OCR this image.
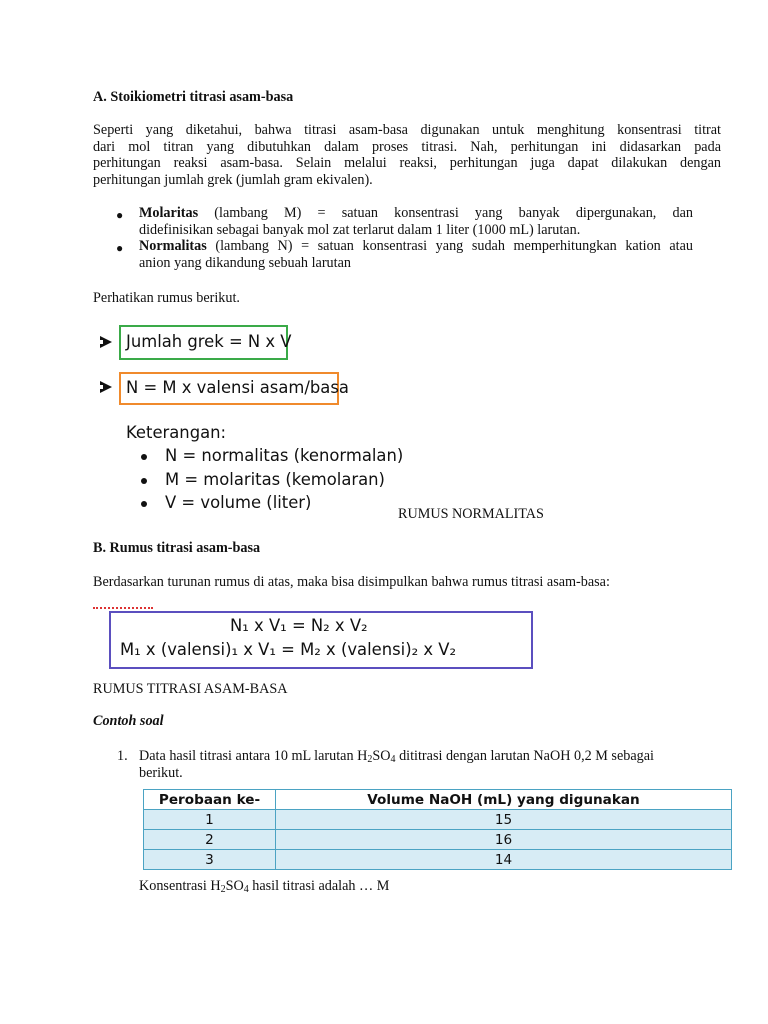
A. Stoikiometri titrasi asam-basa
Seperti yang diketahui, bahwa titrasi asam-basa digunakan untuk menghitung konsentrasi titrat
dari mol titran yang dibutuhkan dalam proses titrasi. Nah, perhitungan ini didasarkan pada
perhitungan reaksi asam-basa. Selain melalui reaksi, perhitungan juga dapat dilakukan dengan
perhitungan jumlah grek (jumlah gram ekivalen).
● Molaritas (lambang M) = satuan konsentrasi yang banyak dipergunakan, dan
didefinisikan sebagai banyak mol zat terlarut dalam 1 liter (1000 mL) larutan.
● Normalitas (lambang N) = satuan konsentrasi yang sudah memperhitungkan kation atau
anion yang dikandung sebuah larutan
Perhatikan rumus berikut.
Jumlah grek = N x V
N = M x valensi asam/basa
Keterangan:
N = normalitas (kenormalan)
M = molaritas (kemolaran)
V = volume (liter)
RUMUS NORMALITAS
B. Rumus titrasi asam-basa
Berdasarkan turunan rumus di atas, maka bisa disimpulkan bahwa rumus titrasi asam-basa:
N₁ x V₁ = N₂ x V₂
M₁ x (valensi)₁ x V₁ = M₂ x (valensi)₂ x V₂
RUMUS TITRASI ASAM-BASA
Contoh soal
1. Data hasil titrasi antara 10 mL larutan $H_2SO_4$ dititrasi dengan larutan NaOH 0,2 M sebagai
berikut.
Perobaan ke-	Volume NaOH (mL) yang digunakan
1	15
2	16
3	14
Konsentrasi $H_2SO_4$ hasil titrasi adalah … M
